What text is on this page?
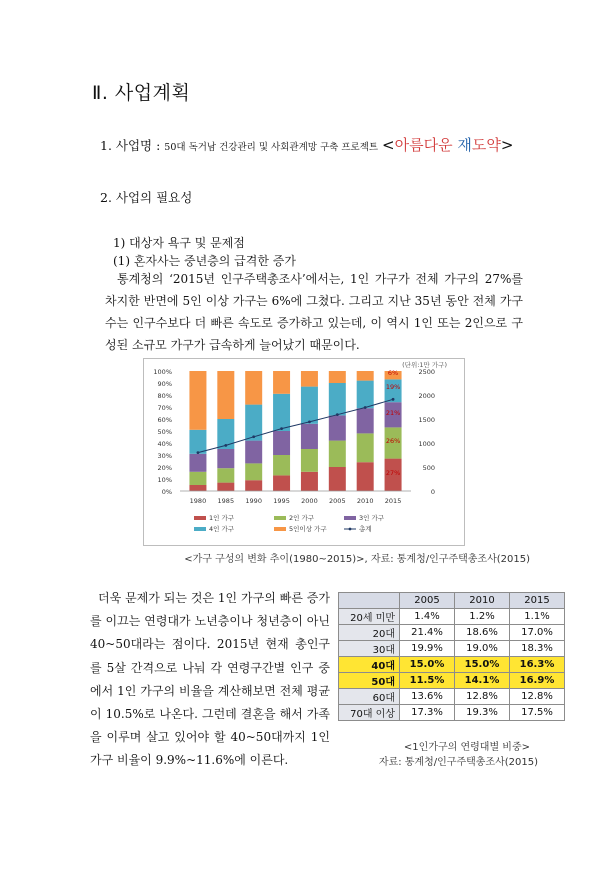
Ⅱ. 사업계획
1. 사업명 : 50대 독거남 건강관리 및 사회관계망 구축 프로젝트 <아름다운 재도약>
2. 사업의 필요성
1) 대상자 욕구 및 문제점
(1) 혼자사는 중년층의 급격한 증가
통계청의 ‘2015년 인구주택총조사’에서는, 1인 가구가 전체 가구의 27%를 차지한 반면에 5인 이상 가구는 6%에 그쳤다. 그리고 지난 35년 동안 전체 가구수는 인구수보다 더 빠른 속도로 증가하고 있는데, 이 역시 1인 또는 2인으로 구성된 소규모 가구가 급속하게 늘어났기 때문이다.
0%
10%
20%
30%
40%
50%
60%
70%
80%
90%
100%
0
500
1000
1500
2000
2500
(단위:1만 가구)
1980 1985 1990 1995 2000 2005 2010 2015
6%
19%
21%
26%
27%
1인 가구	2인 가구	3인 가구
4인 가구	5인이상 가구	총계
<가구 구성의 변화 추이(1980~2015)>, 자료: 통계청/인구주택총조사(2015)
더욱 문제가 되는 것은 1인 가구의 빠른 증가를 이끄는 연령대가 노년층이나 청년층이 아닌 40~50대라는 점이다. 2015년 현재 총인구를 5살 간격으로 나눠 각 연령구간별 인구 중에서 1인 가구의 비율을 계산해보면 전체 평균이 10.5%로 나온다. 그런데 결혼을 해서 가족을 이루며 살고 있어야 할 40~50대까지 1인 가구 비율이 9.9%~11.6%에 이른다.
	2005	2010	2015
20세 미만	1.4%	1.2%	1.1%
20대	21.4%	18.6%	17.0%
30대	19.9%	19.0%	18.3%
40대	15.0%	15.0%	16.3%
50대	11.5%	14.1%	16.9%
60대	13.6%	12.8%	12.8%
70대 이상	17.3%	19.3%	17.5%
<1인가구의 연령대별 비중>
자료: 통계청/인구주택총조사(2015)
